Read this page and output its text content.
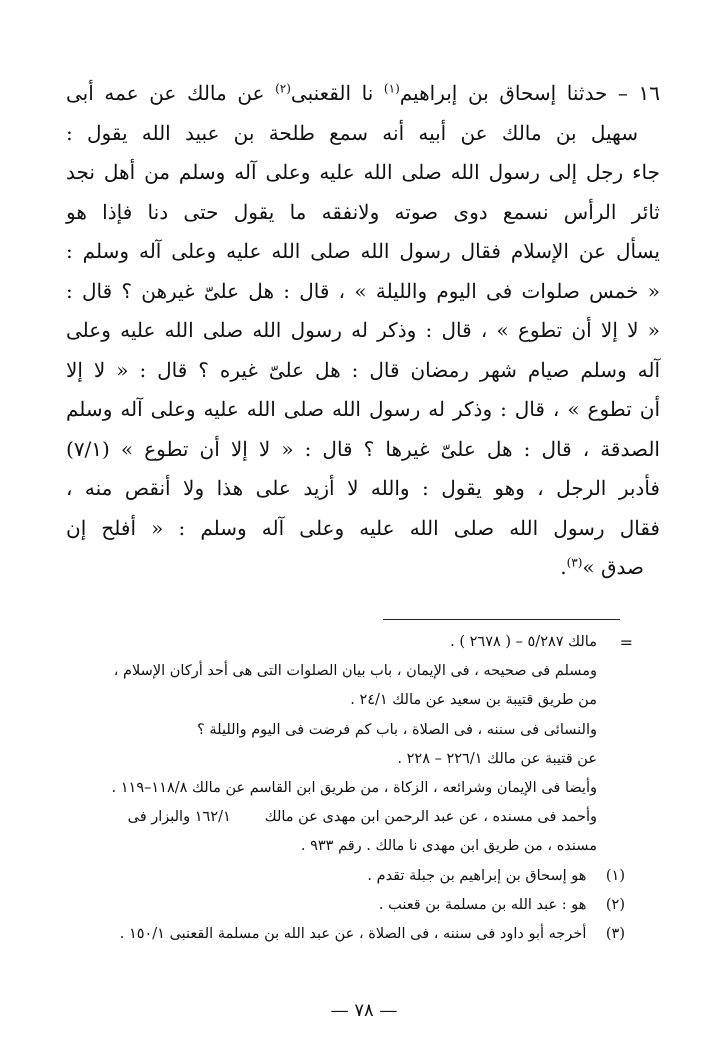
١٦ – حدثنا إسحاق بن إبراهيم$^{(١)}$ نا القعنبى$^{(٢)}$ عن مالك عن عمه أبى
سهيل بن مالك عن أبيه أنه سمع طلحة بن عبيد الله يقول :
جاء رجل إلى رسول الله صلى الله عليه وعلى آله وسلم من أهل نجد
ثائر الرأس نسمع دوى صوته ولانفقه ما يقول حتى دنا فإذا هو
يسأل عن الإسلام فقال رسول الله صلى الله عليه وعلى آله وسلم :
« خمس صلوات فى اليوم والليلة » ، قال : هل علىّ غيرهن ؟ قال :
« لا إلا أن تطوع » ، قال : وذكر له رسول الله صلى الله عليه وعلى
آله وسلم صيام شهر رمضان قال : هل علىّ غيره ؟ قال : « لا إلا
أن تطوع » ، قال : وذكر له رسول الله صلى الله عليه وعلى آله وسلم
الصدقة ، قال : هل علىّ غيرها ؟ قال : « لا إلا أن تطوع » (٧/١)
فأدبر الرجل ، وهو يقول : والله لا أزيد على هذا ولا أنقص منه ،
فقال رسول الله صلى الله عليه وعلى آله وسلم : « أفلح إن
صدق »$^{(٣)}$.
=
مالك ٥/٢٨٧ – ( ٢٦٧٨ ) .
ومسلم فى صحيحه ، فى الإيمان ، باب بيان الصلوات التى هى أحد أركان الإسلام ،
من طريق قتيبة بن سعيد عن مالك ٢٤/١ .
والنسائى فى سننه ، فى الصلاة ، باب كم فرضت فى اليوم والليلة ؟
عن قتيبة عن مالك ٢٢٦/١ – ٢٢٨ .
وأيضا فى الإيمان وشرائعه ، الزكاة ، من طريق ابن القاسم عن مالك ١١٨/٨–١١٩ .
وأحمد فى مسنده ، عن عبد الرحمن ابن مهدى عن مالك١٦٢/١ والبزار فى
مسنده ، من طريق ابن مهدى نا مالك . رقم ٩٣٣ .
(١) هو إسحاق بن إبراهيم بن جبلة تقدم .
(٢) هو : عبد الله بن مسلمة بن قعنب .
(٣) أخرجه أبو داود فى سننه ، فى الصلاة ، عن عبد الله بن مسلمة القعنبى ١٥٠/١ .
— ٧٨ —
